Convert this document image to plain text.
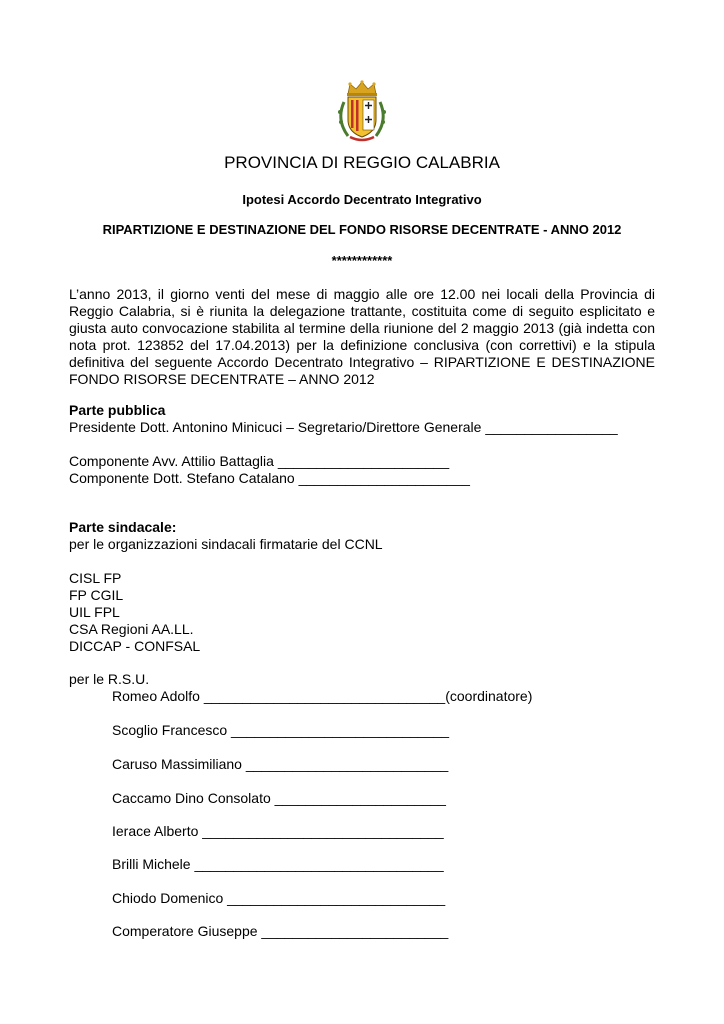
PROVINCIA DI REGGIO CALABRIA
Ipotesi Accordo Decentrato Integrativo
RIPARTIZIONE E DESTINAZIONE DEL FONDO RISORSE DECENTRATE - ANNO 2012
************

L’anno 2013, il giorno venti del mese di maggio alle ore 12.00 nei locali della Provincia di Reggio Calabria, si è riunita la delegazione trattante, costituita come di seguito esplicitato e giusta auto convocazione stabilita al termine della riunione del 2 maggio 2013 (già indetta con nota prot. 123852 del 17.04.2013) per la definizione conclusiva (con correttivi) e la stipula definitiva del seguente Accordo Decentrato Integrativo – RIPARTIZIONE E DESTINAZIONE FONDO RISORSE DECENTRATE – ANNO 2012

Parte pubblica
Presidente Dott. Antonino Minicuci – Segretario/Direttore Generale _________________
Componente Avv. Attilio Battaglia ______________________
Componente Dott. Stefano Catalano ______________________
Parte sindacale:
per le organizzazioni sindacali firmatarie del CCNL
CISL FP
FP CGIL
UIL FPL
CSA Regioni AA.LL.
DICCAP - CONFSAL
per le R.S.U.
Romeo Adolfo _______________________________(coordinatore)
Scoglio Francesco ____________________________
Caruso Massimiliano __________________________
Caccamo Dino Consolato ______________________
Ierace Alberto _______________________________
Brilli Michele ________________________________
Chiodo Domenico ____________________________
Comperatore Giuseppe ________________________
